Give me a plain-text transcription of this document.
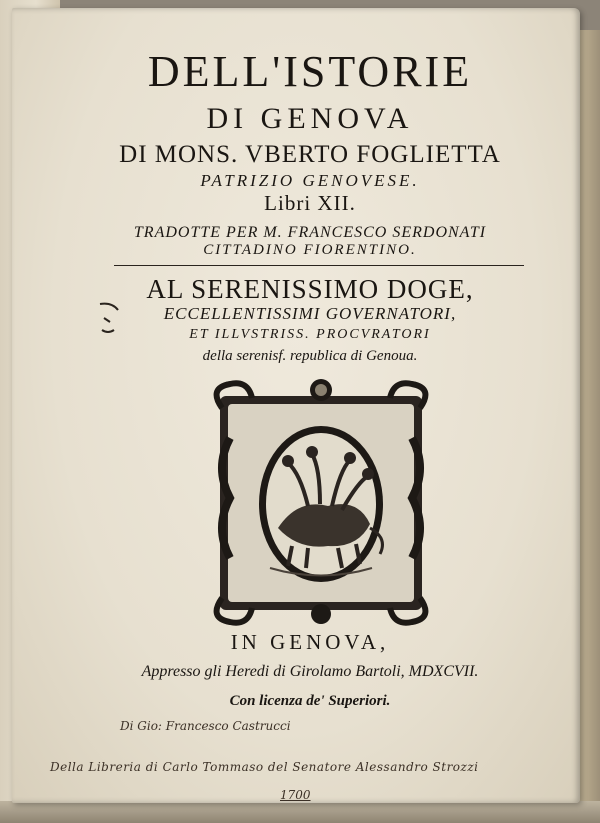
DELL'ISTORIE
DI GENOVA
DI MONS. VBERTO FOGLIETTA
PATRIZIO GENOVESE.
Libri XII.
TRADOTTE PER M. FRANCESCO SERDONATI
CITTADINO FIORENTINO.
AL SERENISSIMO DOGE,
ECCELLENTISSIMI GOVERNATORI,
ET ILLVSTRISS. PROCVRATORI
della serenisf. republica di Genoua.
IN GENOVA,
Appresso gli Heredi di Girolamo Bartoli, MDXCVII.
Con licenza de' Superiori.
Di Gio: Francesco Castrucci
Della Libreria di Carlo Tommaso del Senatore Alessandro Strozzi
1700
